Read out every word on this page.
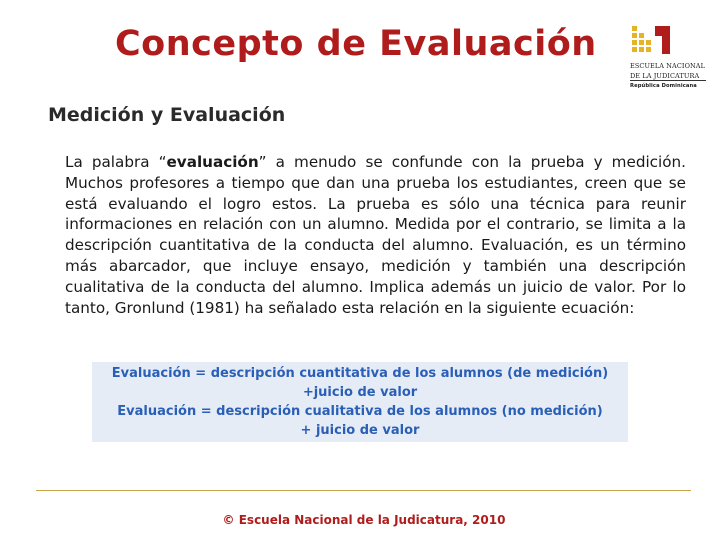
Concepto de Evaluación
ESCUELA NACIONAL
DE LA JUDICATURA
República Dominicana
Medición y Evaluación

La palabra “evaluación” a menudo se confunde con la prueba y medición. Muchos profesores a tiempo que dan una prueba los estudiantes, creen que se está evaluando el logro estos. La prueba es sólo una técnica para reunir informaciones en relación con un alumno. Medida por el contrario, se limita a la descripción cuantitativa de la conducta del alumno. Evaluación, es un término más abarcador, que incluye ensayo, medición y también una descripción cualitativa de la conducta del alumno. Implica además un juicio de valor. Por lo tanto, Gronlund (1981) ha señalado esta relación en la siguiente ecuación:

Evaluación = descripción cuantitativa de los alumnos (de medición)
+juicio de valor
Evaluación = descripción cualitativa de los alumnos (no medición)
+ juicio de valor
© Escuela Nacional de la Judicatura, 2010
